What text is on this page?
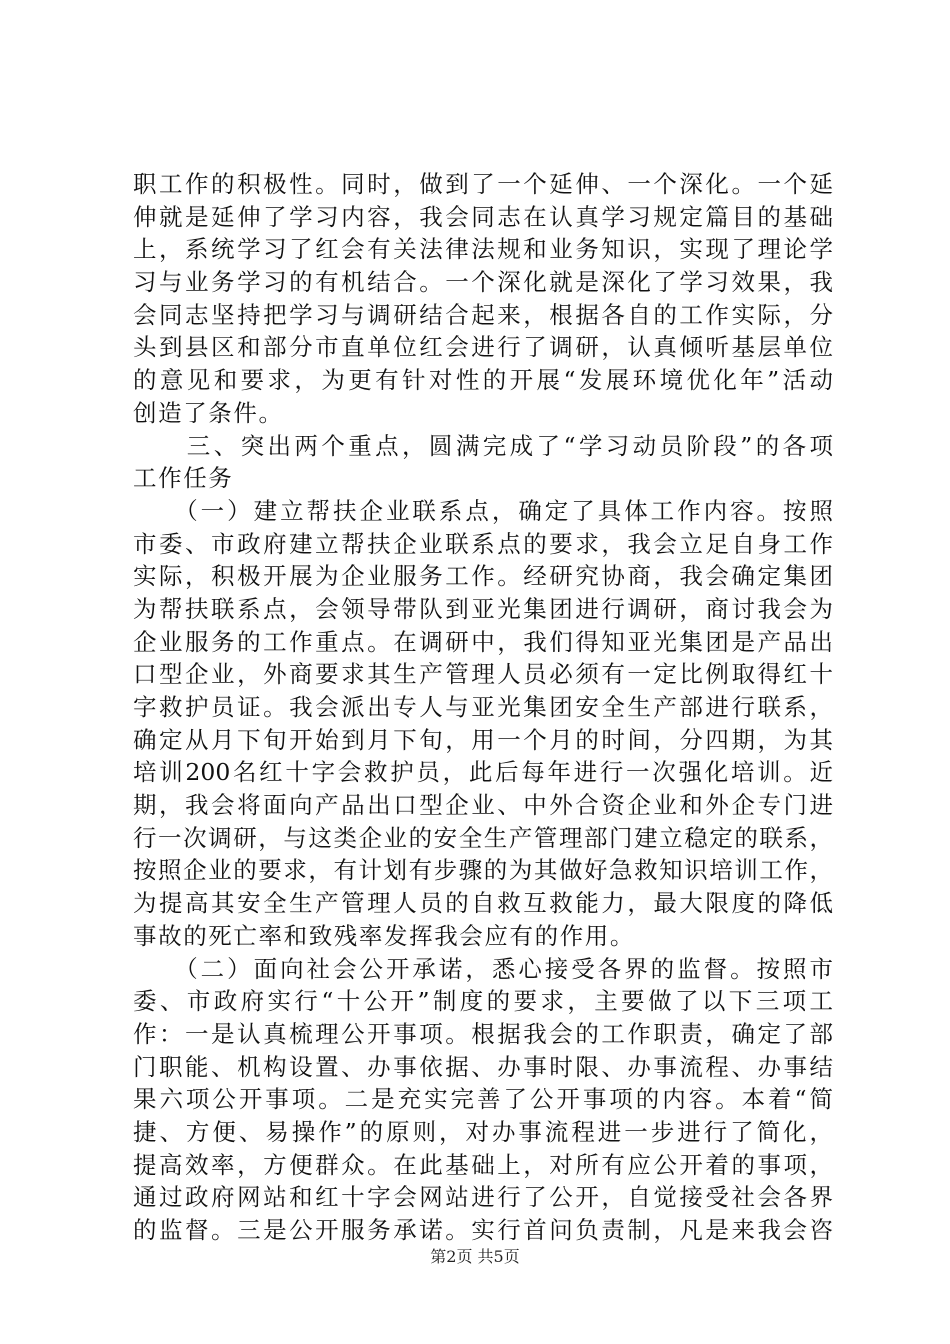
职工作的积极性。同时，做到了一个延伸、一个深化。一个延
伸就是延伸了学习内容，我会同志在认真学习规定篇目的基础
上，系统学习了红会有关法律法规和业务知识，实现了理论学
习与业务学习的有机结合。一个深化就是深化了学习效果，我
会同志坚持把学习与调研结合起来，根据各自的工作实际，分
头到县区和部分市直单位红会进行了调研，认真倾听基层单位
的意见和要求，为更有针对性的开展“发展环境优化年”活动
创造了条件。
　　三、突出两个重点，圆满完成了“学习动员阶段”的各项
工作任务
　　（一）建立帮扶企业联系点，确定了具体工作内容。按照
市委、市政府建立帮扶企业联系点的要求，我会立足自身工作
实际，积极开展为企业服务工作。经研究协商，我会确定集团
为帮扶联系点，会领导带队到亚光集团进行调研，商讨我会为
企业服务的工作重点。在调研中，我们得知亚光集团是产品出
口型企业，外商要求其生产管理人员必须有一定比例取得红十
字救护员证。我会派出专人与亚光集团安全生产部进行联系，
确定从月下旬开始到月下旬，用一个月的时间，分四期，为其
培训200名红十字会救护员，此后每年进行一次强化培训。近
期，我会将面向产品出口型企业、中外合资企业和外企专门进
行一次调研，与这类企业的安全生产管理部门建立稳定的联系，
按照企业的要求，有计划有步骤的为其做好急救知识培训工作，
为提高其安全生产管理人员的自救互救能力，最大限度的降低
事故的死亡率和致残率发挥我会应有的作用。
　　（二）面向社会公开承诺，悉心接受各界的监督。按照市
委、市政府实行“十公开”制度的要求，主要做了以下三项工
作：一是认真梳理公开事项。根据我会的工作职责，确定了部
门职能、机构设置、办事依据、办事时限、办事流程、办事结
果六项公开事项。二是充实完善了公开事项的内容。本着“简
捷、方便、易操作”的原则，对办事流程进一步进行了简化，
提高效率，方便群众。在此基础上，对所有应公开着的事项，
通过政府网站和红十字会网站进行了公开，自觉接受社会各界
的监督。三是公开服务承诺。实行首问负责制，凡是来我会咨
第2页 共5页
